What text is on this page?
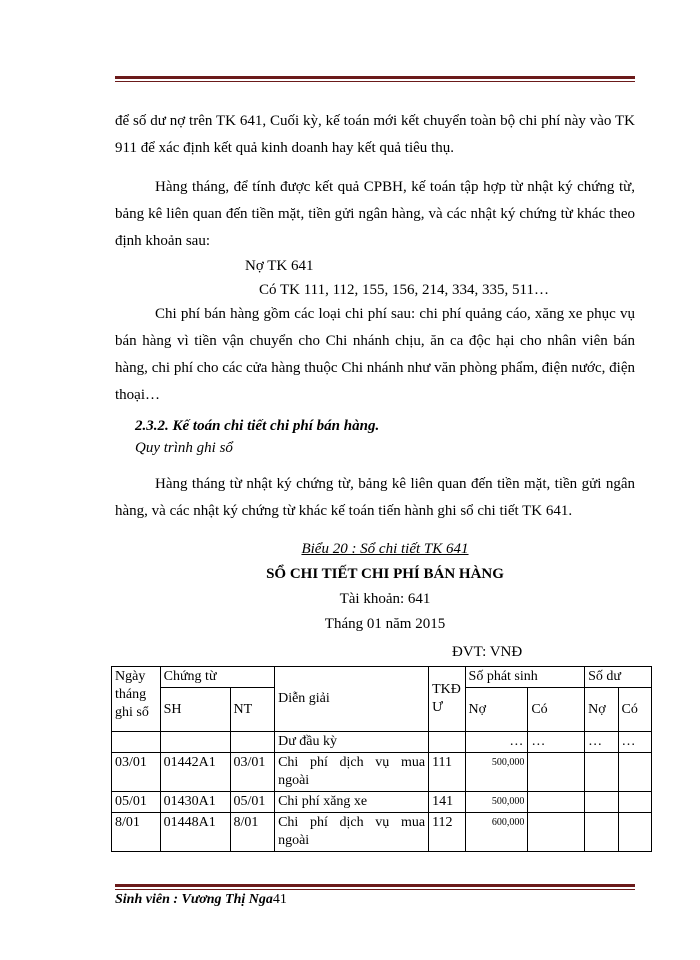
để số dư nợ trên TK 641, Cuối kỳ, kế toán mới kết chuyển toàn bộ chi phí này vào TK 911 để xác định kết quả kinh doanh hay kết quả tiêu thụ.

Hàng tháng, để tính được kết quả CPBH, kế toán tập hợp từ nhật ký chứng từ, bảng kê liên quan đến tiền mặt, tiền gửi ngân hàng, và các nhật ký chứng từ khác theo định khoản sau:

Nợ TK 641
Có TK 111, 112, 155, 156, 214, 334, 335, 511…

Chi phí bán hàng gồm các loại chi phí sau: chi phí quảng cáo, xăng xe phục vụ bán hàng vì tiền vận chuyển cho Chi nhánh chịu, ăn ca độc hại cho nhân viên bán hàng, chi phí cho các cửa hàng thuộc Chi nhánh như văn phòng phẩm, điện nước, điện thoại…

2.3.2. Kế toán chi tiết chi phí bán hàng.
Quy trình ghi sổ

Hàng tháng từ nhật ký chứng từ, bảng kê liên quan đến tiền mặt, tiền gửi ngân hàng, và các nhật ký chứng từ khác kế toán tiến hành ghi sổ chi tiết TK 641.

Biểu 20 : Sổ chi tiết TK 641
SỔ CHI TIẾT CHI PHÍ BÁN HÀNG
Tài khoản: 641
Tháng 01 năm 2015
ĐVT: VNĐ
Ngày tháng ghi sổ	Chứng từ		Diễn giải	TKĐ Ư	Số phát sinh		Số dư	
	SH	NT			Nợ	Có	Nợ	Có
			Dư đầu kỳ		…	…	…	…
03/01	01442A1	03/01	Chi phí dịch vụ mua ngoài	111	500,000			
05/01	01430A1	05/01	Chi phí xăng xe	141	500,000			
8/01	01448A1	8/01	Chi phí dịch vụ mua ngoài	112	600,000			
Sinh viên : Vương Thị Nga41
